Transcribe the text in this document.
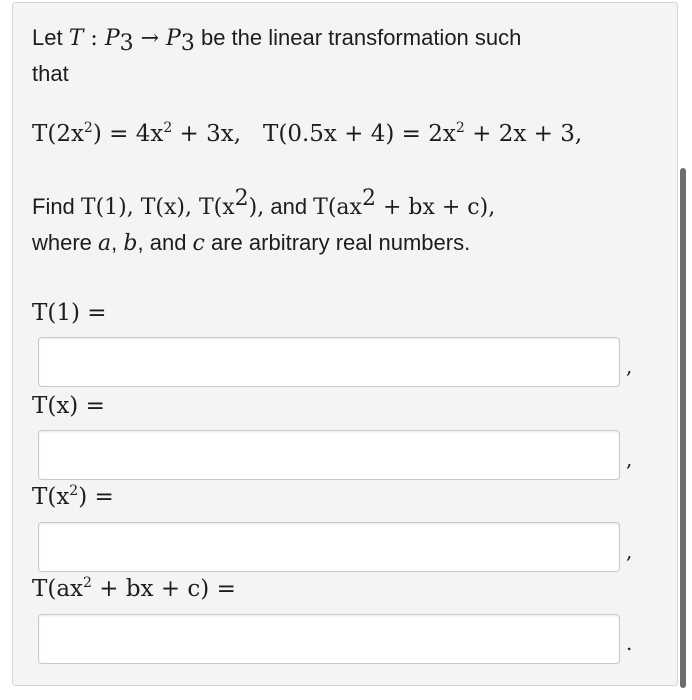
Let T : $P_3 \to P_3$ be the linear transformation such
that
$T(2x^2) = 4x^2 + 3x$, $T(0.5x + 4) = 2x^2 + 2x + 3$,
Find T(1), T(x), $T(x^2)$, and $T(ax^2$ + bx + c),
where a, b, and c are arbitrary real numbers.
T(1) =
,
T(x) =
,
$T(x^2)$ =
,
$T(ax^2$ + bx + c) =
.
